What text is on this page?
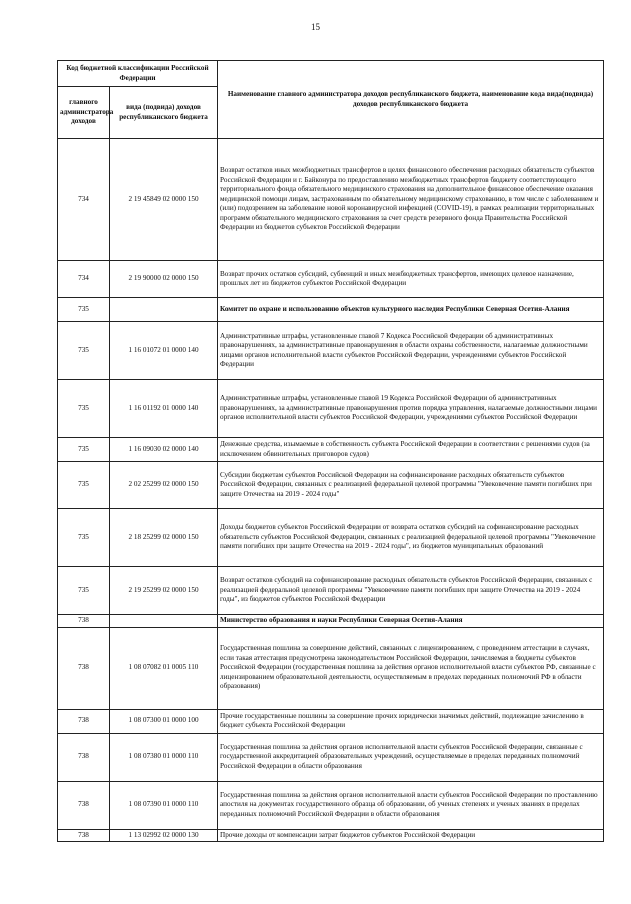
15
Код бюджетной классификации Российской Федерации		Наименование главного администратора доходов республиканского бюджета, наименование кода вида(подвида) доходов республиканского бюджета
главного администратора доходов	вида (подвида) доходов республиканского бюджета	
734	2 19 45849 02 0000 150	Возврат остатков иных межбюджетных трансфертов в целях финансового обеспечения расходных обязательств субъектов Российской Федерации и г. Байконура по предоставлению межбюджетных трансфертов бюджету соответствующего территориального фонда обязательного медицинского страхования на дополнительное финансовое обеспечение оказания медицинской помощи лицам, застрахованным по обязательному медицинскому страхованию, в том числе с заболеванием и (или) подозрением на заболевание новой коронавирусной инфекцией (COVID-19), в рамках реализации территориальных программ обязательного медицинского страхования за счет средств резервного фонда Правительства Российской Федерации из бюджетов субъектов Российской Федерации
734	2 19 90000 02 0000 150	Возврат прочих остатков субсидий, субвенций и иных межбюджетных трансфертов, имеющих целевое назначение, прошлых лет из бюджетов субъектов Российской Федерации
735		Комитет по охране и использованию объектов культурного наследия Республики Северная Осетия-Алания
735	1 16 01072 01 0000 140	Административные штрафы, установленные главой 7 Кодекса Российской Федерации об административных правонарушениях, за административные правонарушения в области охраны собственности, налагаемые должностными лицами органов исполнительной власти субъектов Российской Федерации, учреждениями субъектов Российской Федерации
735	1 16 01192 01 0000 140	Административные штрафы, установленные главой 19 Кодекса Российской Федерации об административных правонарушениях, за административные правонарушения против порядка управления, налагаемые должностными лицами органов исполнительной власти субъектов Российской Федерации, учреждениями субъектов Российской Федерации
735	1 16 09030 02 0000 140	Денежные средства, изымаемые в собственность субъекта Российской Федерации в соответствии с решениями судов (за исключением обвинительных приговоров судов)
735	2 02 25299 02 0000 150	Субсидии бюджетам субъектов Российской Федерации на софинансирование расходных обязательств субъектов Российской Федерации, связанных с реализацией федеральной целевой программы "Увековечение памяти погибших при защите Отечества на 2019 - 2024 годы"
735	2 18 25299 02 0000 150	Доходы бюджетов субъектов Российской Федерации от возврата остатков субсидий на софинансирование расходных обязательств субъектов Российской Федерации, связанных с реализацией федеральной целевой программы "Увековечение памяти погибших при защите Отечества на 2019 - 2024 годы", из бюджетов муниципальных образований
735	2 19 25299 02 0000 150	Возврат остатков субсидий на софинансирование расходных обязательств субъектов Российской Федерации, связанных с реализацией федеральной целевой программы "Увековечение памяти погибших при защите Отечества на 2019 - 2024 годы", из бюджетов субъектов Российской Федерации
738		Министерство образования и науки Республики Северная Осетия-Алания
738	1 08 07082 01 0005 110	Государственная пошлина за совершение действий, связанных с лицензированием, с проведением аттестации в случаях, если такая аттестация предусмотрена законодательством Российской Федерации, зачисляемая в бюджеты субъектов Российской Федерации (государственная пошлина за действия органов исполнительной власти субъектов РФ, связанные с лицензированием образовательной деятельности, осуществляемым в пределах переданных полномочий РФ в области образования)
738	1 08 07300 01 0000 100	Прочие государственные пошлины за совершение прочих юридически значимых действий, подлежащие зачислению в бюджет субъекта Российской Федерации
738	1 08 07380 01 0000 110	Государственная пошлина за действия органов исполнительной власти субъектов Российской Федерации, связанные с государственной аккредитацией образовательных учреждений, осуществляемые в пределах переданных полномочий Российской Федерации в области образования
738	1 08 07390 01 0000 110	Государственная пошлина за действия органов исполнительной власти субъектов Российской Федерации по проставлению апостиля на документах государственного образца об образовании, об ученых степенях и ученых званиях в пределах переданных полномочий Российской Федерации в области образования
738	1 13 02992 02 0000 130	Прочие доходы от компенсации затрат бюджетов субъектов Российской Федерации
